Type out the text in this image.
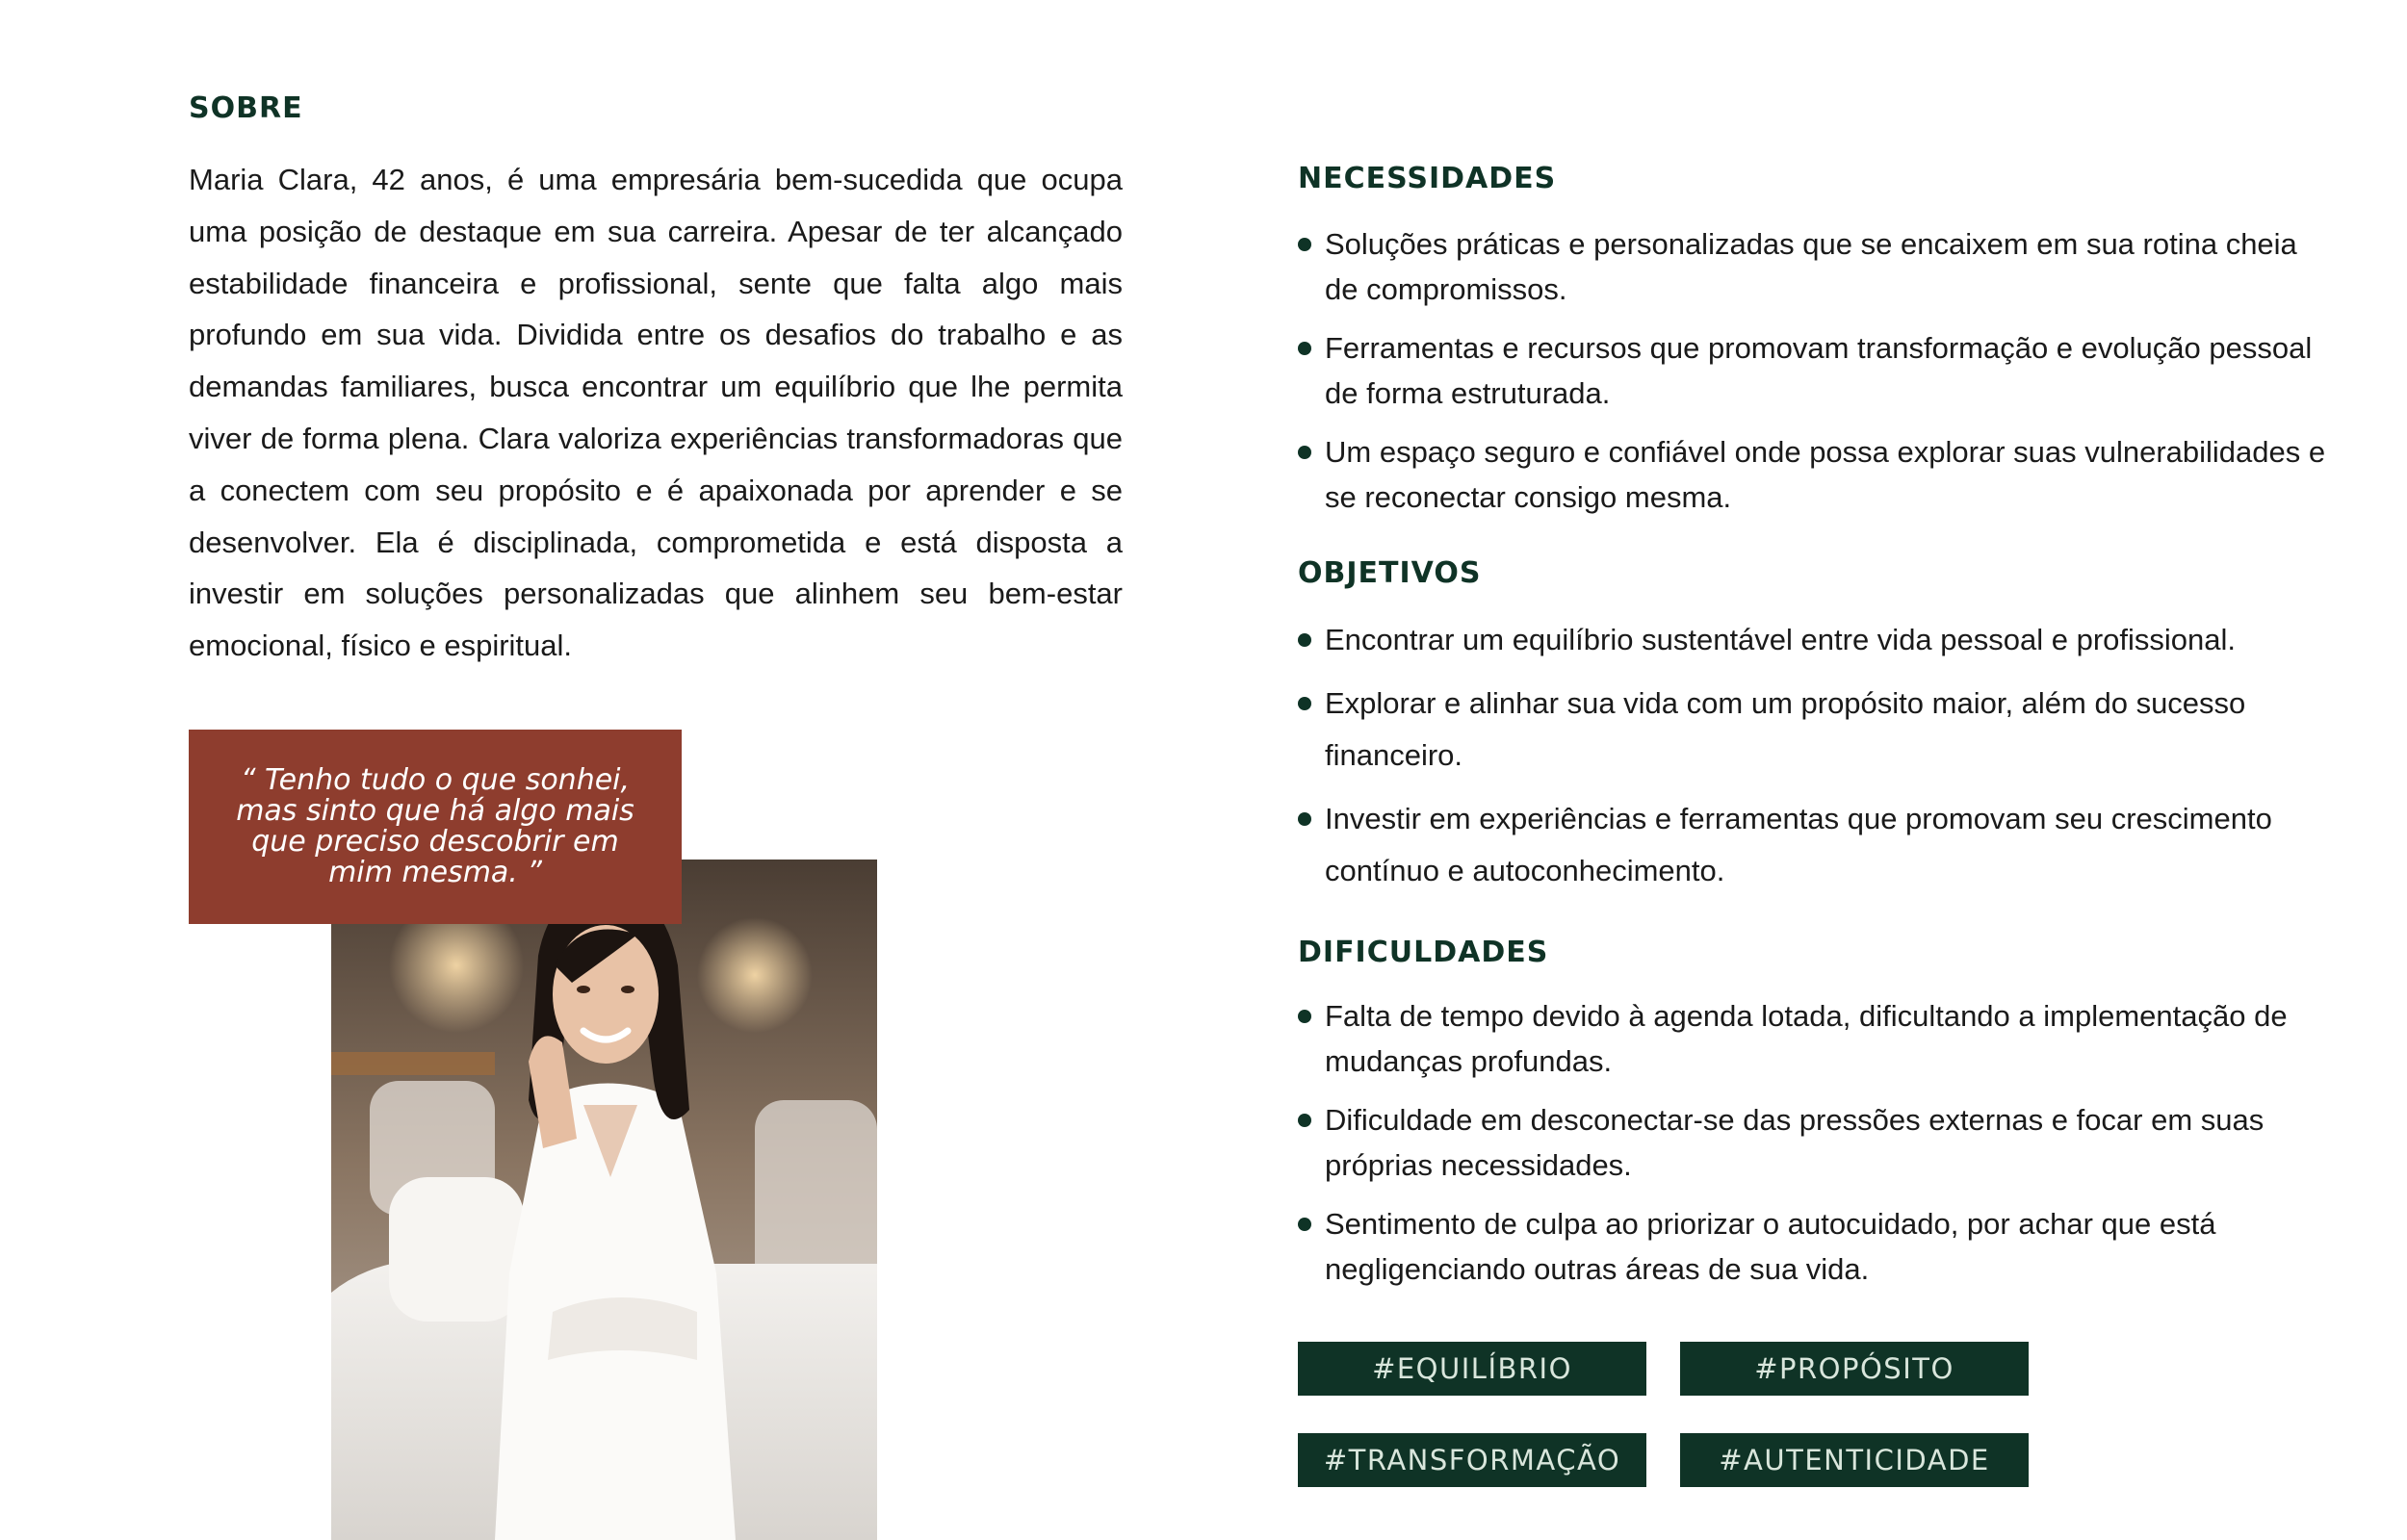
SOBRE

Maria Clara, 42 anos, é uma empresária bem-sucedida que ocupa uma posição de destaque em sua carreira. Apesar de ter alcançado estabilidade financeira e profissional, sente que falta algo mais profundo em sua vida. Dividida entre os desafios do trabalho e as demandas familiares, busca encontrar um equilíbrio que lhe permita viver de forma plena. Clara valoriza experiências transformadoras que a conectem com seu propósito e é apaixonada por aprender e se desenvolver. Ela é disciplinada, comprometida e está disposta a investir em soluções personalizadas que alinhem seu bem-estar emocional, físico e espiritual.

“ Tenho tudo o que sonhei, mas sinto que há algo mais que preciso descobrir em mim mesma. ”

NECESSIDADES
Soluções práticas e personalizadas que se encaixem em sua rotina cheia de compromissos.
Ferramentas e recursos que promovam transformação e evolução pessoal de forma estruturada.
Um espaço seguro e confiável onde possa explorar suas vulnerabilidades e se reconectar consigo mesma.
OBJETIVOS
Encontrar um equilíbrio sustentável entre vida pessoal e profissional.
Explorar e alinhar sua vida com um propósito maior, além do sucesso financeiro.
Investir em experiências e ferramentas que promovam seu crescimento contínuo e autoconhecimento.
DIFICULDADES
Falta de tempo devido à agenda lotada, dificultando a implementação de mudanças profundas.
Dificuldade em desconectar-se das pressões externas e focar em suas próprias necessidades.
Sentimento de culpa ao priorizar o autocuidado, por achar que está negligenciando outras áreas de sua vida.
#EQUILÍBRIO	#PROPÓSITO
#TRANSFORMAÇÃO	#AUTENTICIDADE
